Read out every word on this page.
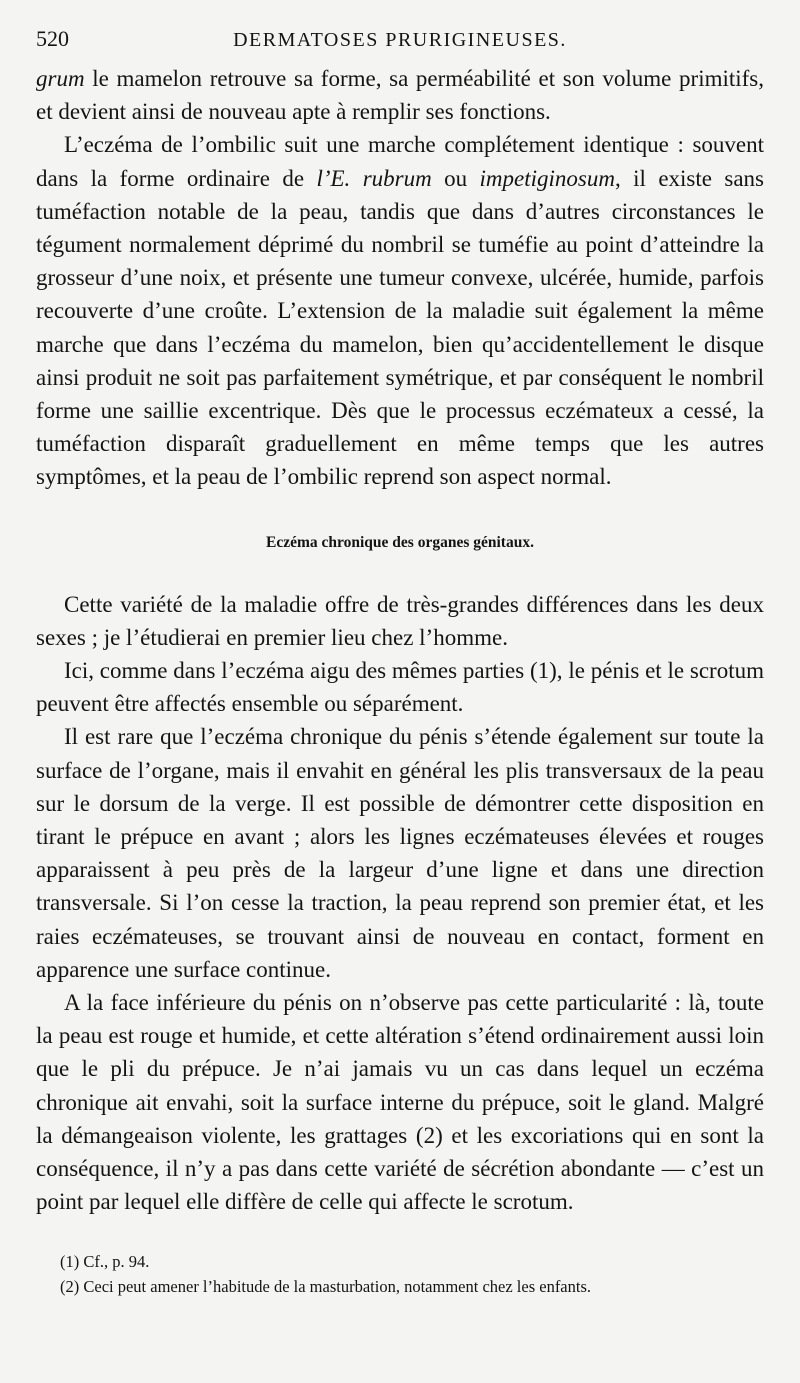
520	DERMATOSES PRURIGINEUSES.

grum le mamelon retrouve sa forme, sa perméabilité et son volume primitifs, et devient ainsi de nouveau apte à remplir ses fonctions.

L’eczéma de l’ombilic suit une marche complétement identique : souvent dans la forme ordinaire de l’E. rubrum ou impetiginosum, il existe sans tuméfaction notable de la peau, tandis que dans d’autres circonstances le tégument normalement déprimé du nombril se tuméfie au point d’atteindre la grosseur d’une noix, et présente une tumeur convexe, ulcérée, humide, parfois recouverte d’une croûte. L’extension de la maladie suit également la même marche que dans l’eczéma du mamelon, bien qu’accidentellement le disque ainsi produit ne soit pas parfaitement symétrique, et par conséquent le nombril forme une saillie excentrique. Dès que le processus eczémateux a cessé, la tuméfaction disparaît graduellement en même temps que les autres symptômes, et la peau de l’ombilic reprend son aspect normal.

Eczéma chronique des organes génitaux.

Cette variété de la maladie offre de très-grandes différences dans les deux sexes ; je l’étudierai en premier lieu chez l’homme.

Ici, comme dans l’eczéma aigu des mêmes parties (1), le pénis et le scrotum peuvent être affectés ensemble ou séparément.

Il est rare que l’eczéma chronique du pénis s’étende également sur toute la surface de l’organe, mais il envahit en général les plis transversaux de la peau sur le dorsum de la verge. Il est possible de démontrer cette disposition en tirant le prépuce en avant ; alors les lignes eczémateuses élevées et rouges apparaissent à peu près de la largeur d’une ligne et dans une direction transversale. Si l’on cesse la traction, la peau reprend son premier état, et les raies eczémateuses, se trouvant ainsi de nouveau en contact, forment en apparence une surface continue.

A la face inférieure du pénis on n’observe pas cette particularité : là, toute la peau est rouge et humide, et cette altération s’étend ordinairement aussi loin que le pli du prépuce. Je n’ai jamais vu un cas dans lequel un eczéma chronique ait envahi, soit la surface interne du prépuce, soit le gland. Malgré la démangeaison violente, les grattages (2) et les excoriations qui en sont la conséquence, il n’y a pas dans cette variété de sécrétion abondante — c’est un point par lequel elle diffère de celle qui affecte le scrotum.

(1) Cf., p. 94.

(2) Ceci peut amener l’habitude de la masturbation, notamment chez les enfants.
